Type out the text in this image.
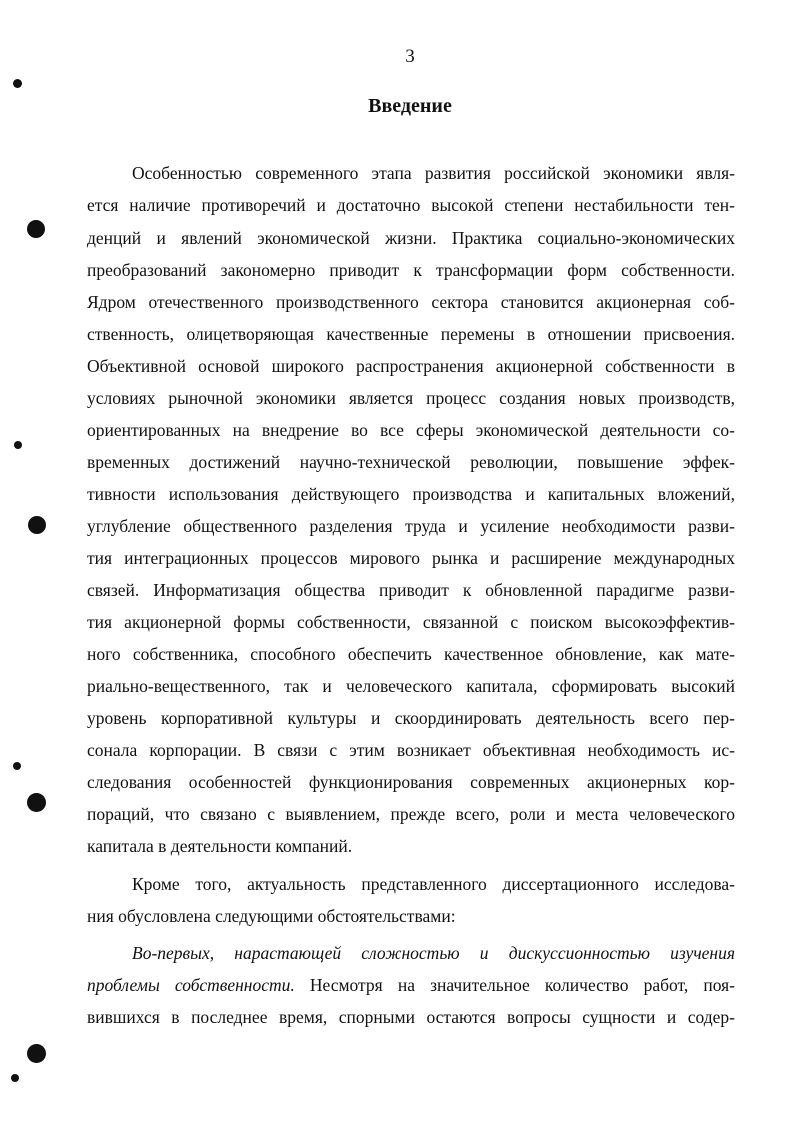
3
Введение
Особенностью современного этапа развития российской экономики явля-
ется наличие противоречий и достаточно высокой степени нестабильности тен-
денций и явлений экономической жизни. Практика социально-экономических
преобразований закономерно приводит к трансформации форм собственности.
Ядром отечественного производственного сектора становится акционерная соб-
ственность, олицетворяющая качественные перемены в отношении присвоения.
Объективной основой широкого распространения акционерной собственности в
условиях рыночной экономики является процесс создания новых производств,
ориентированных на внедрение во все сферы экономической деятельности со-
временных достижений научно-технической революции, повышение эффек-
тивности использования действующего производства и капитальных вложений,
углубление общественного разделения труда и усиление необходимости разви-
тия интеграционных процессов мирового рынка и расширение международных
связей. Информатизация общества приводит к обновленной парадигме разви-
тия акционерной формы собственности, связанной с поиском высокоэффектив-
ного собственника, способного обеспечить качественное обновление, как мате-
риально-вещественного, так и человеческого капитала, сформировать высокий
уровень корпоративной культуры и скоординировать деятельность всего пер-
сонала корпорации. В связи с этим возникает объективная необходимость ис-
следования особенностей функционирования современных акционерных кор-
пораций, что связано с выявлением, прежде всего, роли и места человеческого
капитала в деятельности компаний.
Кроме того, актуальность представленного диссертационного исследова-
ния обусловлена следующими обстоятельствами:
Во-первых, нарастающей сложностью и дискуссионностью изучения
проблемы собственности. Несмотря на значительное количество работ, поя-
вившихся в последнее время, спорными остаются вопросы сущности и содер-
